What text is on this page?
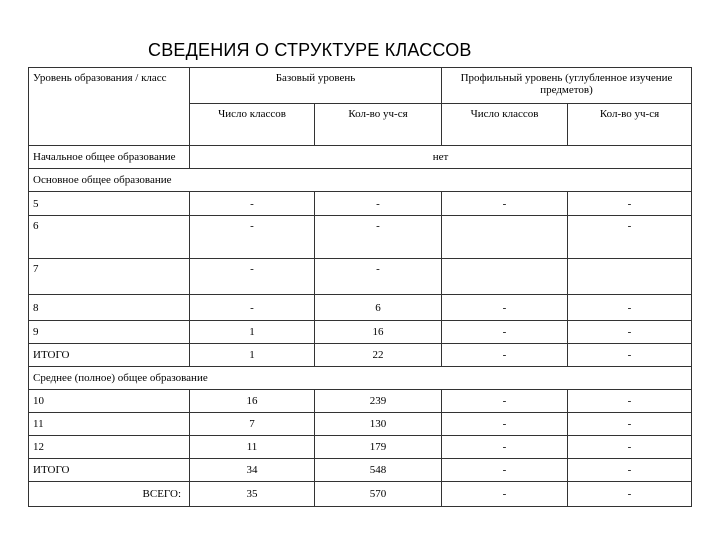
СВЕДЕНИЯ О СТРУКТУРЕ КЛАССОВ
Уровень образования / класс	Базовый уровень		Профильный уровень (углубленное изучение предметов)	
	Число классов	Кол-во уч-ся	Число классов	Кол-во уч-ся
Начальное общее образование	нет			
Основное общее образование				
5	-	-	-	-
6	-	-		-
7	-	-		
8	-	6	-	-
9	1	16	-	-
ИТОГО	1	22	-	-
Среднее (полное) общее образование				
10	16	239	-	-
11	7	130	-	-
12	11	179	-	-
ИТОГО	34	548	-	-
ВСЕГО:	35	570	-	-
